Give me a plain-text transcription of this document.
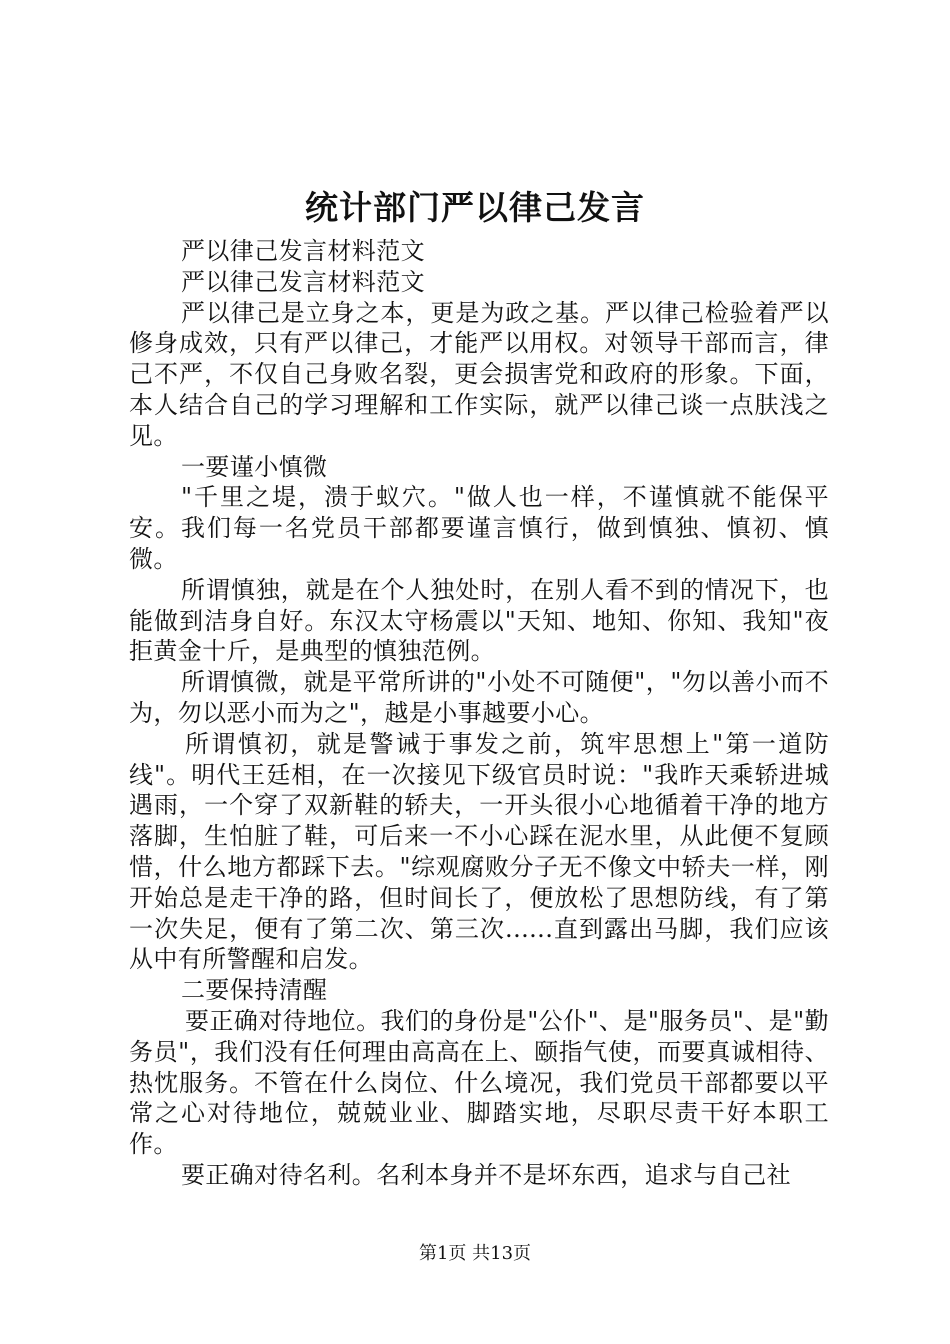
统计部门严以律己发言

严以律己发言材料范文

严以律己发言材料范文

严以律己是立身之本，更是为政之基。严以律己检验着严以修身成效，只有严以律己，才能严以用权。对领导干部而言，律己不严，不仅自己身败名裂，更会损害党和政府的形象。下面，本人结合自己的学习理解和工作实际，就严以律己谈一点肤浅之见。

一要谨小慎微

"千里之堤，溃于蚁穴。"做人也一样，不谨慎就不能保平安。我们每一名党员干部都要谨言慎行，做到慎独、慎初、慎微。

所谓慎独，就是在个人独处时，在别人看不到的情况下，也能做到洁身自好。东汉太守杨震以"天知、地知、你知、我知"夜拒黄金十斤，是典型的慎独范例。

所谓慎微，就是平常所讲的"小处不可随便"，"勿以善小而不为，勿以恶小而为之"，越是小事越要小心。

所谓慎初，就是警诫于事发之前，筑牢思想上"第一道防线"。明代王廷相，在一次接见下级官员时说："我昨天乘轿进城遇雨，一个穿了双新鞋的轿夫，一开头很小心地循着干净的地方落脚，生怕脏了鞋，可后来一不小心踩在泥水里，从此便不复顾惜，什么地方都踩下去。"综观腐败分子无不像文中轿夫一样，刚开始总是走干净的路，但时间长了，便放松了思想防线，有了第一次失足，便有了第二次、第三次......直到露出马脚，我们应该从中有所警醒和启发。

二要保持清醒

要正确对待地位。我们的身份是"公仆"、是"服务员"、是"勤务员"，我们没有任何理由高高在上、颐指气使，而要真诚相待、热忱服务。不管在什么岗位、什么境况，我们党员干部都要以平常之心对待地位，兢兢业业、脚踏实地，尽职尽责干好本职工作。

要正确对待名利。名利本身并不是坏东西，追求与自己社

第1页 共13页
